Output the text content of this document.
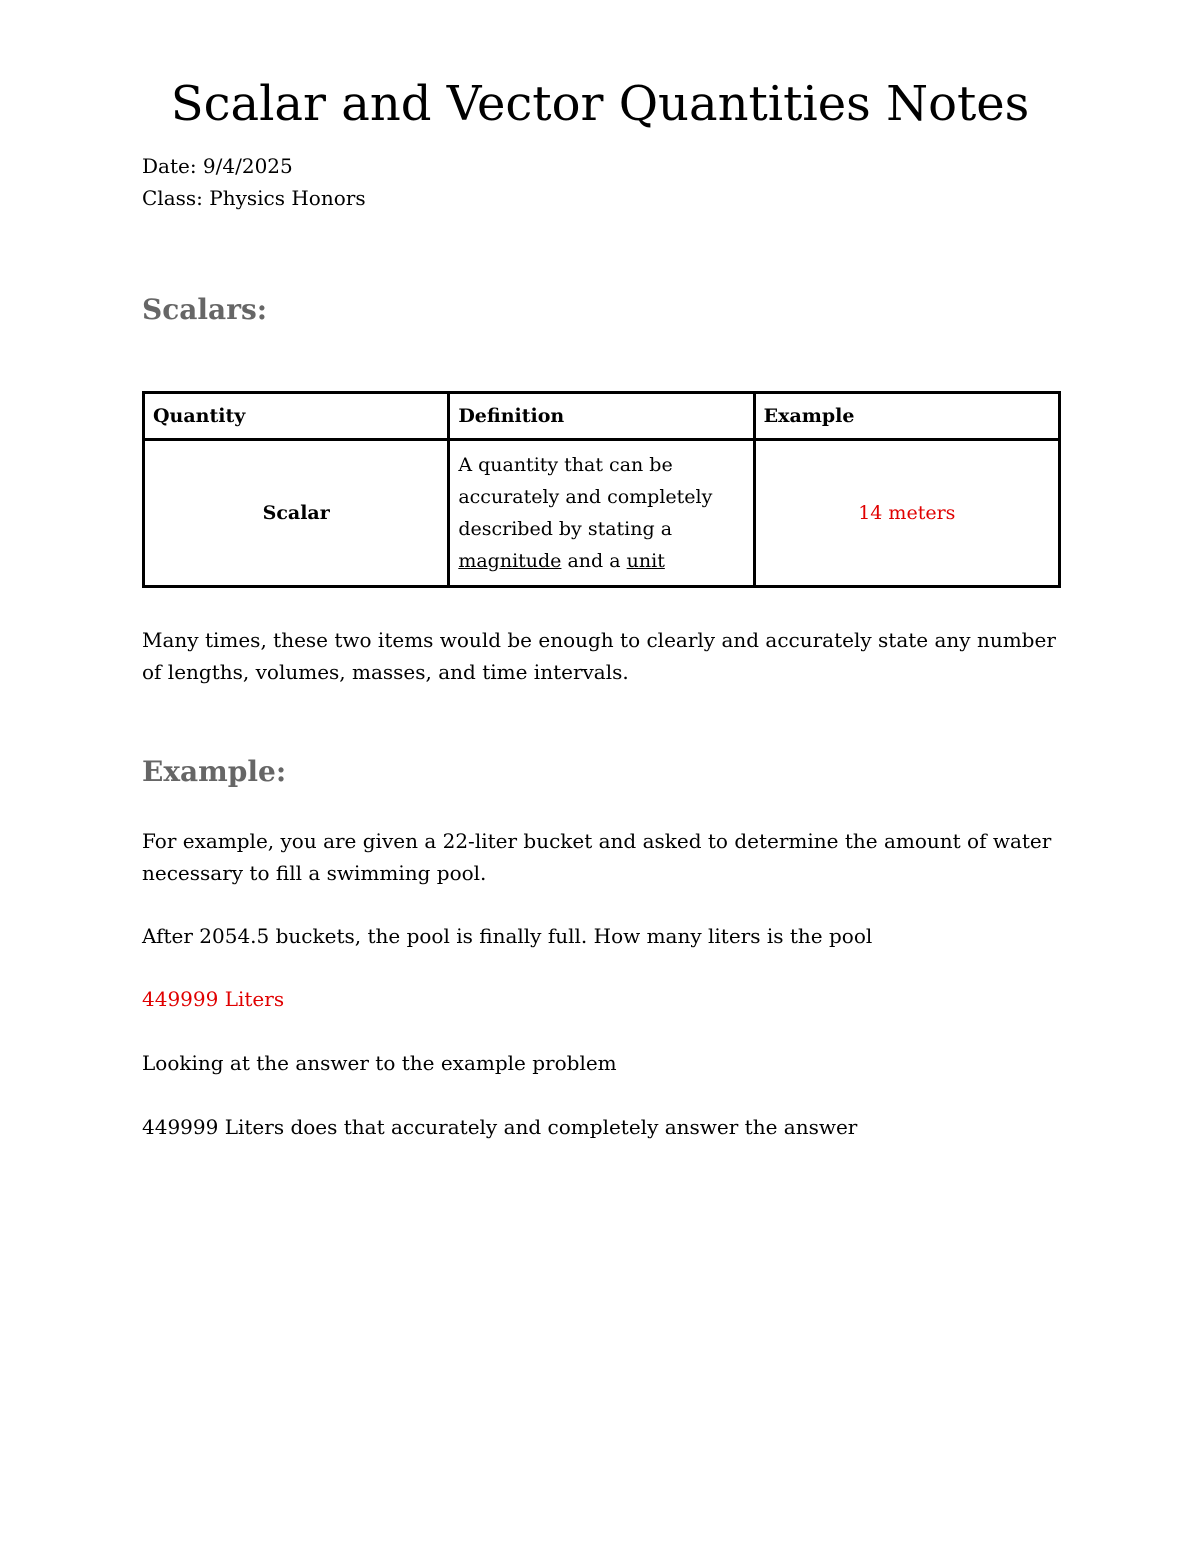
Scalar and Vector Quantities Notes
Date: 9/4/2025
Class: Physics Honors
Scalars:
Quantity	Definition	Example
Scalar	A quantity that can be accurately and completely described by stating a magnitude and a unit	14 meters

Many times, these two items would be enough to clearly and accurately state any number of lengths, volumes, masses, and time intervals.

Example:

For example, you are given a 22-liter bucket and asked to determine the amount of water necessary to fill a swimming pool.

After 2054.5 buckets, the pool is finally full. How many liters is the pool

449999 Liters

Looking at the answer to the example problem

449999 Liters does that accurately and completely answer the answer
